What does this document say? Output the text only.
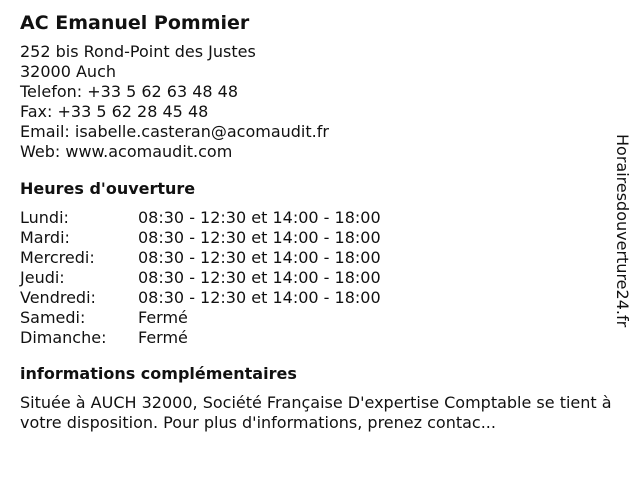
AC Emanuel Pommier
252 bis Rond-Point des Justes
32000 Auch
Telefon: +33 5 62 63 48 48
Fax: +33 5 62 28 45 48
Email: isabelle.casteran@acomaudit.fr
Web: www.acomaudit.com
Heures d'ouverture
Lundi:	08:30 - 12:30 et 14:00 - 18:00
Mardi:	08:30 - 12:30 et 14:00 - 18:00
Mercredi:	08:30 - 12:30 et 14:00 - 18:00
Jeudi:	08:30 - 12:30 et 14:00 - 18:00
Vendredi:	08:30 - 12:30 et 14:00 - 18:00
Samedi:	Fermé
Dimanche:	Fermé
informations complémentaires
Située à AUCH 32000, Société Française D'expertise Comptable se tient à votre disposition. Pour plus d'informations, prenez contac...
Horairesdouverture24.fr
